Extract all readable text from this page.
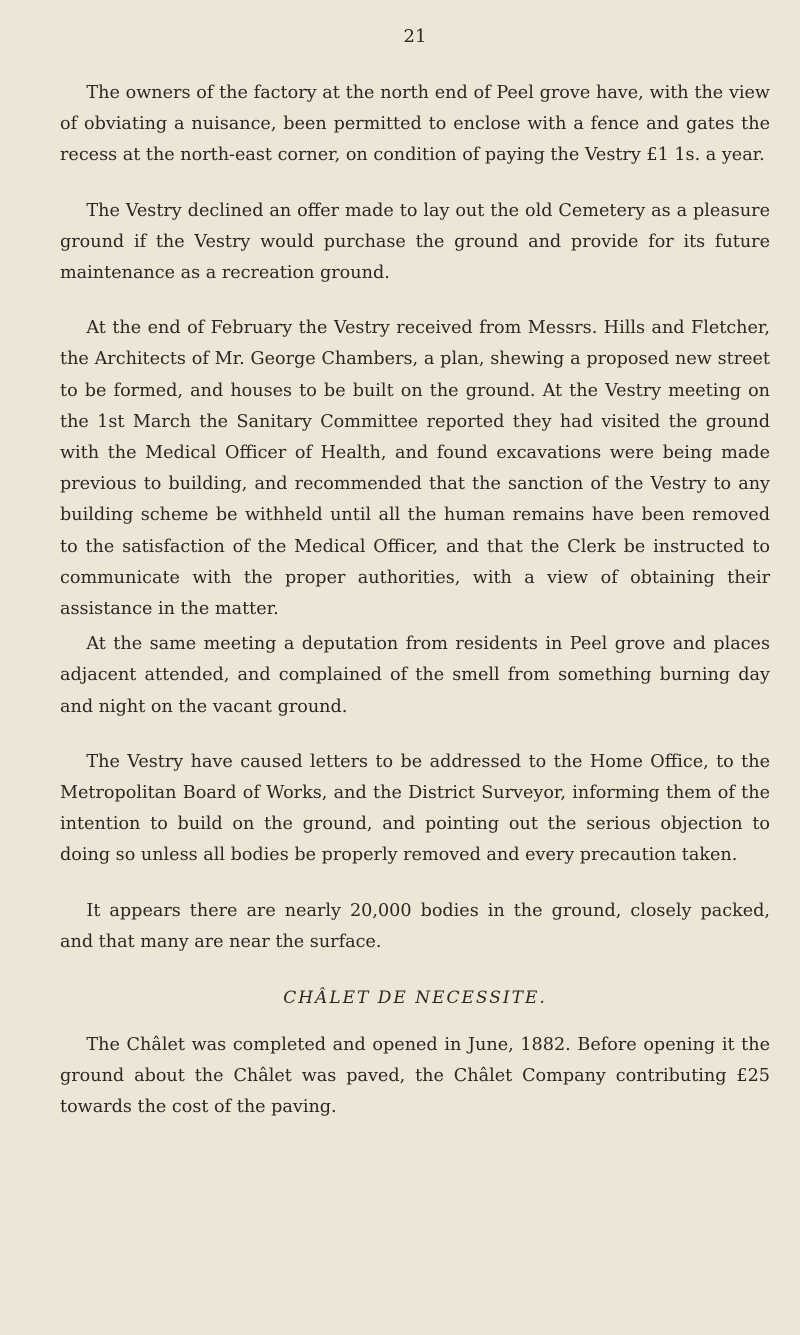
21

The owners of the factory at the north end of Peel grove have, with the view of obviating a nuisance, been permitted to enclose with a fence and gates the recess at the north-east corner, on condition of paying the Vestry £1 1s. a year.

The Vestry declined an offer made to lay out the old Cemetery as a pleasure ground if the Vestry would purchase the ground and provide for its future maintenance as a recreation ground.

At the end of February the Vestry received from Messrs. Hills and Fletcher, the Architects of Mr. George Chambers, a plan, shewing a proposed new street to be formed, and houses to be built on the ground. At the Vestry meeting on the 1st March the Sanitary Committee reported they had visited the ground with the Medical Officer of Health, and found excavations were being made previous to building, and recommended that the sanction of the Vestry to any building scheme be withheld until all the human remains have been removed to the satisfaction of the Medical Officer, and that the Clerk be instructed to communicate with the proper authorities, with a view of obtaining their assistance in the matter.

At the same meeting a deputation from residents in Peel grove and places adjacent attended, and complained of the smell from something burning day and night on the vacant ground.

The Vestry have caused letters to be addressed to the Home Office, to the Metropolitan Board of Works, and the District Surveyor, informing them of the intention to build on the ground, and pointing out the serious objection to doing so unless all bodies be properly removed and every precaution taken.

It appears there are nearly 20,000 bodies in the ground, closely packed, and that many are near the surface.

CHÂLET DE NECESSITE.

The Châlet was completed and opened in June, 1882. Before opening it the ground about the Châlet was paved, the Châlet Company contributing £25 towards the cost of the paving.
